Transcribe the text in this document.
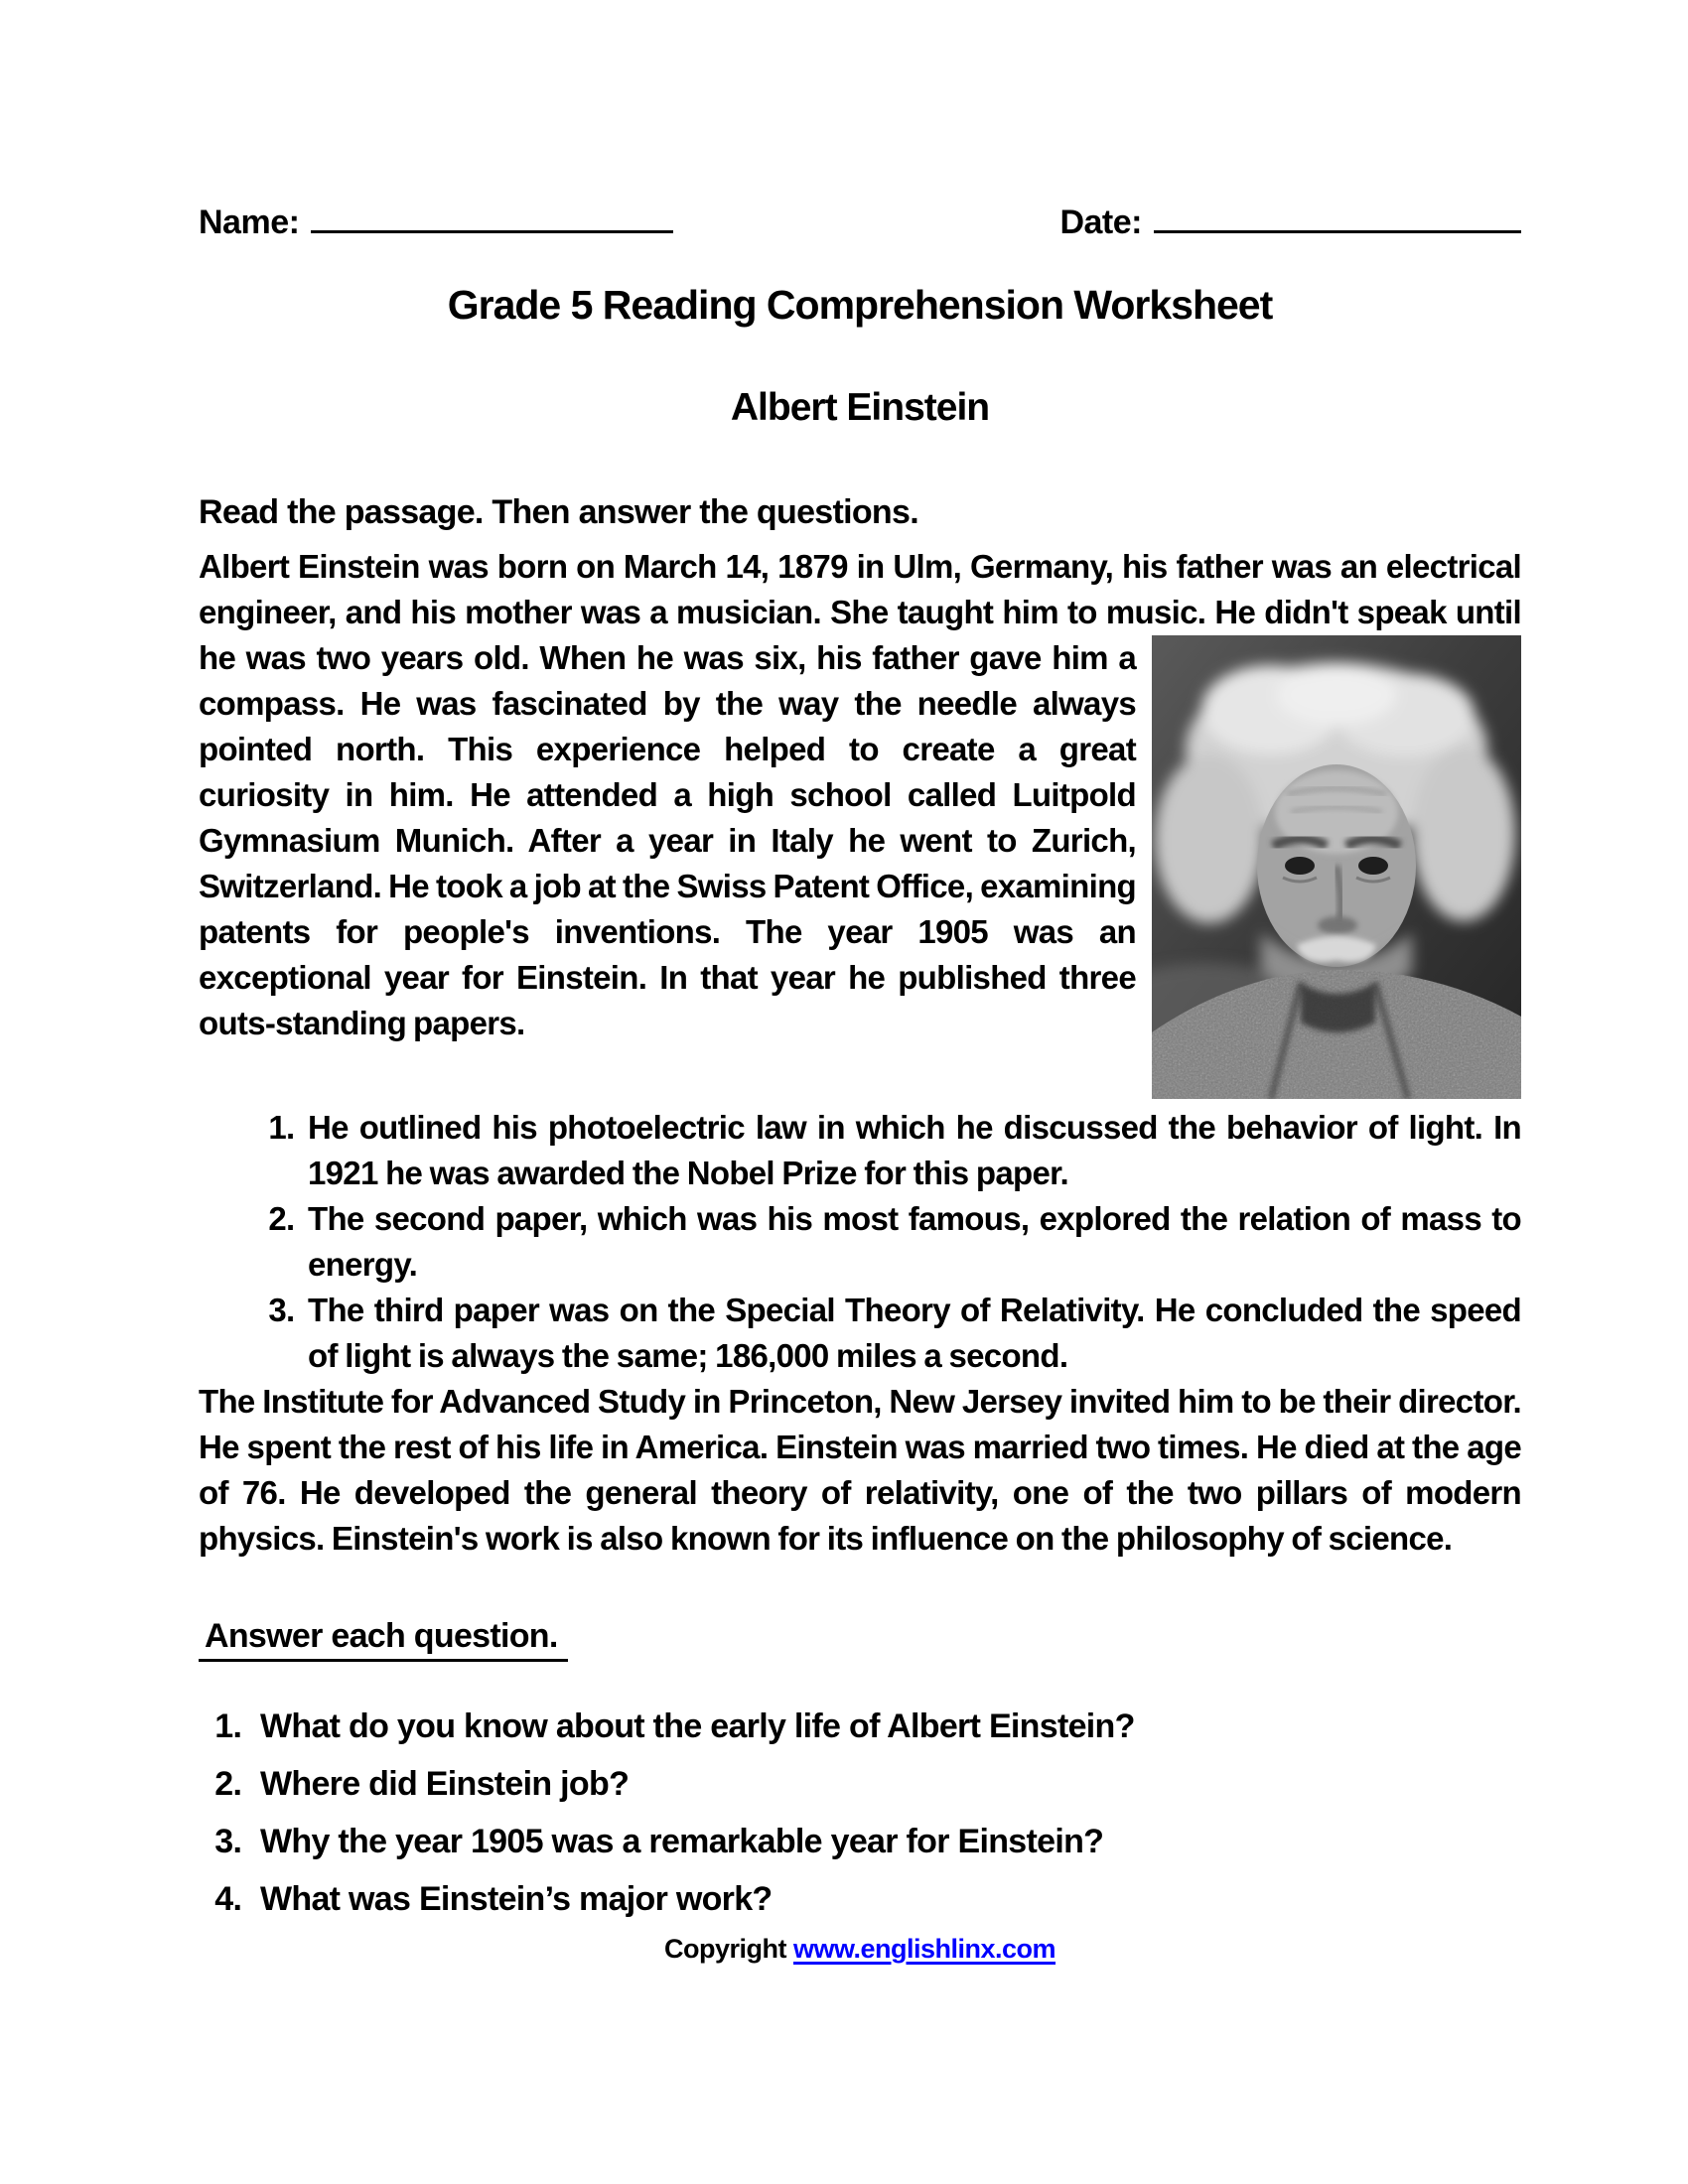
Name:	Date:
Grade 5 Reading Comprehension Worksheet
Albert Einstein

Read the passage. Then answer the questions.

Albert Einstein was born on March 14, 1879 in Ulm, Germany, his father was an electrical engineer, and his mother was a musician. She taught him to music. He didn't speak until he was two years old. When he was six, his father gave him a compass. He was fascinated by the way the needle always pointed north. This experience helped to create a great curiosity in him. He attended a high school called Luitpold Gymnasium Munich. After a year in Italy he went to Zurich, Switzerland. He took a job at the Swiss Patent Office, examining patents for people's inventions. The year 1905 was an exceptional year for Einstein. In that year he published three outs-standing papers.

1. He outlined his photoelectric law in which he discussed the behavior of light. In 1921 he was awarded the Nobel Prize for this paper.
2. The second paper, which was his most famous, explored the relation of mass to energy.
3. The third paper was on the Special Theory of Relativity. He concluded the speed of light is always the same; 186,000 miles a second.

The Institute for Advanced Study in Princeton, New Jersey invited him to be their director. He spent the rest of his life in America. Einstein was married two times. He died at the age of 76. He developed the general theory of relativity, one of the two pillars of modern physics. Einstein's work is also known for its influence on the philosophy of science.

Answer each question.

1. What do you know about the early life of Albert Einstein?
2. Where did Einstein job?
3. Why the year 1905 was a remarkable year for Einstein?
4. What was Einstein’s major work?

Copyright www.englishlinx.com
